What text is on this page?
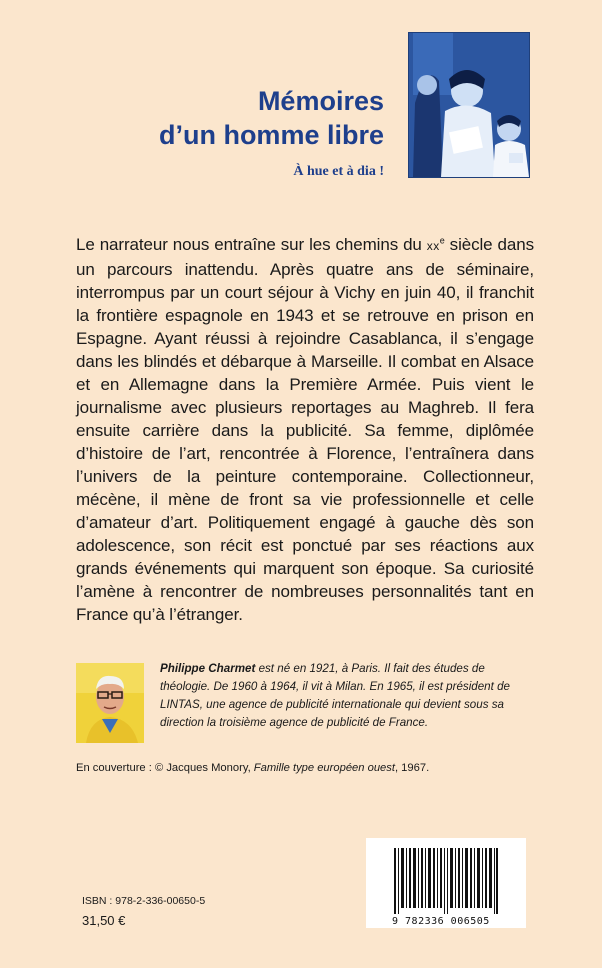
Mémoires
d’un homme libre
À hue et à dia !
Le narrateur nous entraîne sur les chemins du $xx^e$ siècle dans un parcours inattendu. Après quatre ans de séminaire, interrompus par un court séjour à Vichy en juin 40, il franchit la frontière espagnole en 1943 et se retrouve en prison en Espagne. Ayant réussi à rejoindre Casablanca, il s’engage dans les blindés et débarque à Marseille. Il combat en Alsace et en Allemagne dans la Première Armée. Puis vient le journalisme avec plusieurs reportages au Maghreb. Il fera ensuite carrière dans la publicité. Sa femme, diplômée d’histoire de l’art, rencontrée à Florence, l’entraînera dans l’univers de la peinture contemporaine. Collectionneur, mécène, il mène de front sa vie professionnelle et celle d’amateur d’art. Politiquement engagé à gauche dès son adolescence, son récit est ponctué par ses réactions aux grands événements qui marquent son époque. Sa curiosité l’amène à rencontrer de nombreuses personnalités tant en France qu’à l’étranger.
Philippe Charmet est né en 1921, à Paris. Il fait des études de théologie. De 1960 à 1964, il vit à Milan. En 1965, il est président de LINTAS, une agence de publicité internationale qui devient sous sa direction la troisième agence de publicité de France.
En couverture : © Jacques Monory, Famille type européen ouest, 1967.
9 782336 006505
ISBN : 978-2-336-00650-5
31,50 €
